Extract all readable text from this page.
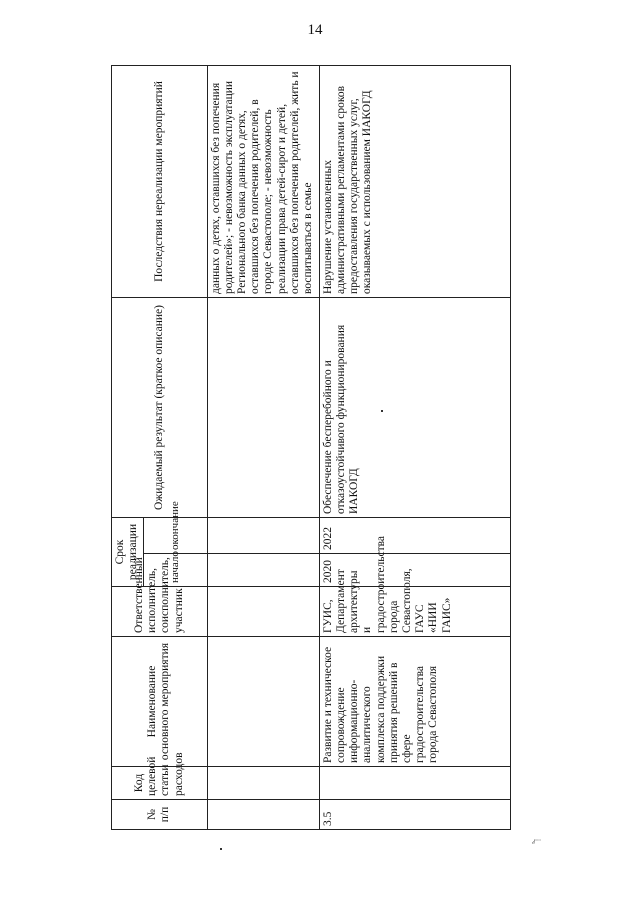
14
№ п/п	Код целевой статьи расходов	Наименование основного мероприятия	Ответственный исполнитель, соисполнитель, участник	Срок реализации		Ожидаемый результат (краткое описание)	Последствия нереализации мероприятий
				начало	окончание		
							данных о детях, оставшихся без попечения родителей»; - невозможность эксплуатации Регионального банка данных о детях, оставшихся без попечения родителей, в городе Севастополе; - невозможность реализации права детей-сирот и детей, оставшихся без попечения родителей, жить и воспитываться в семье
3.5		Развитие и техническое сопровождение информационно-аналитического комплекса поддержки принятия решений в сфере градостроительства города Севастополя	ГУИС, Департамент архитектуры и градостроительства города Севастополя, ГАУС «НИИ ГАИС»	2020	2022	Обеспечение бесперебойного и отказоустойчивого функционирования ИАКОГД	Нарушение установленных административными регламентами сроков предоставления государственных услуг, оказываемых с использованием ИАКОГД
·ˢ'ʾʿʾ
